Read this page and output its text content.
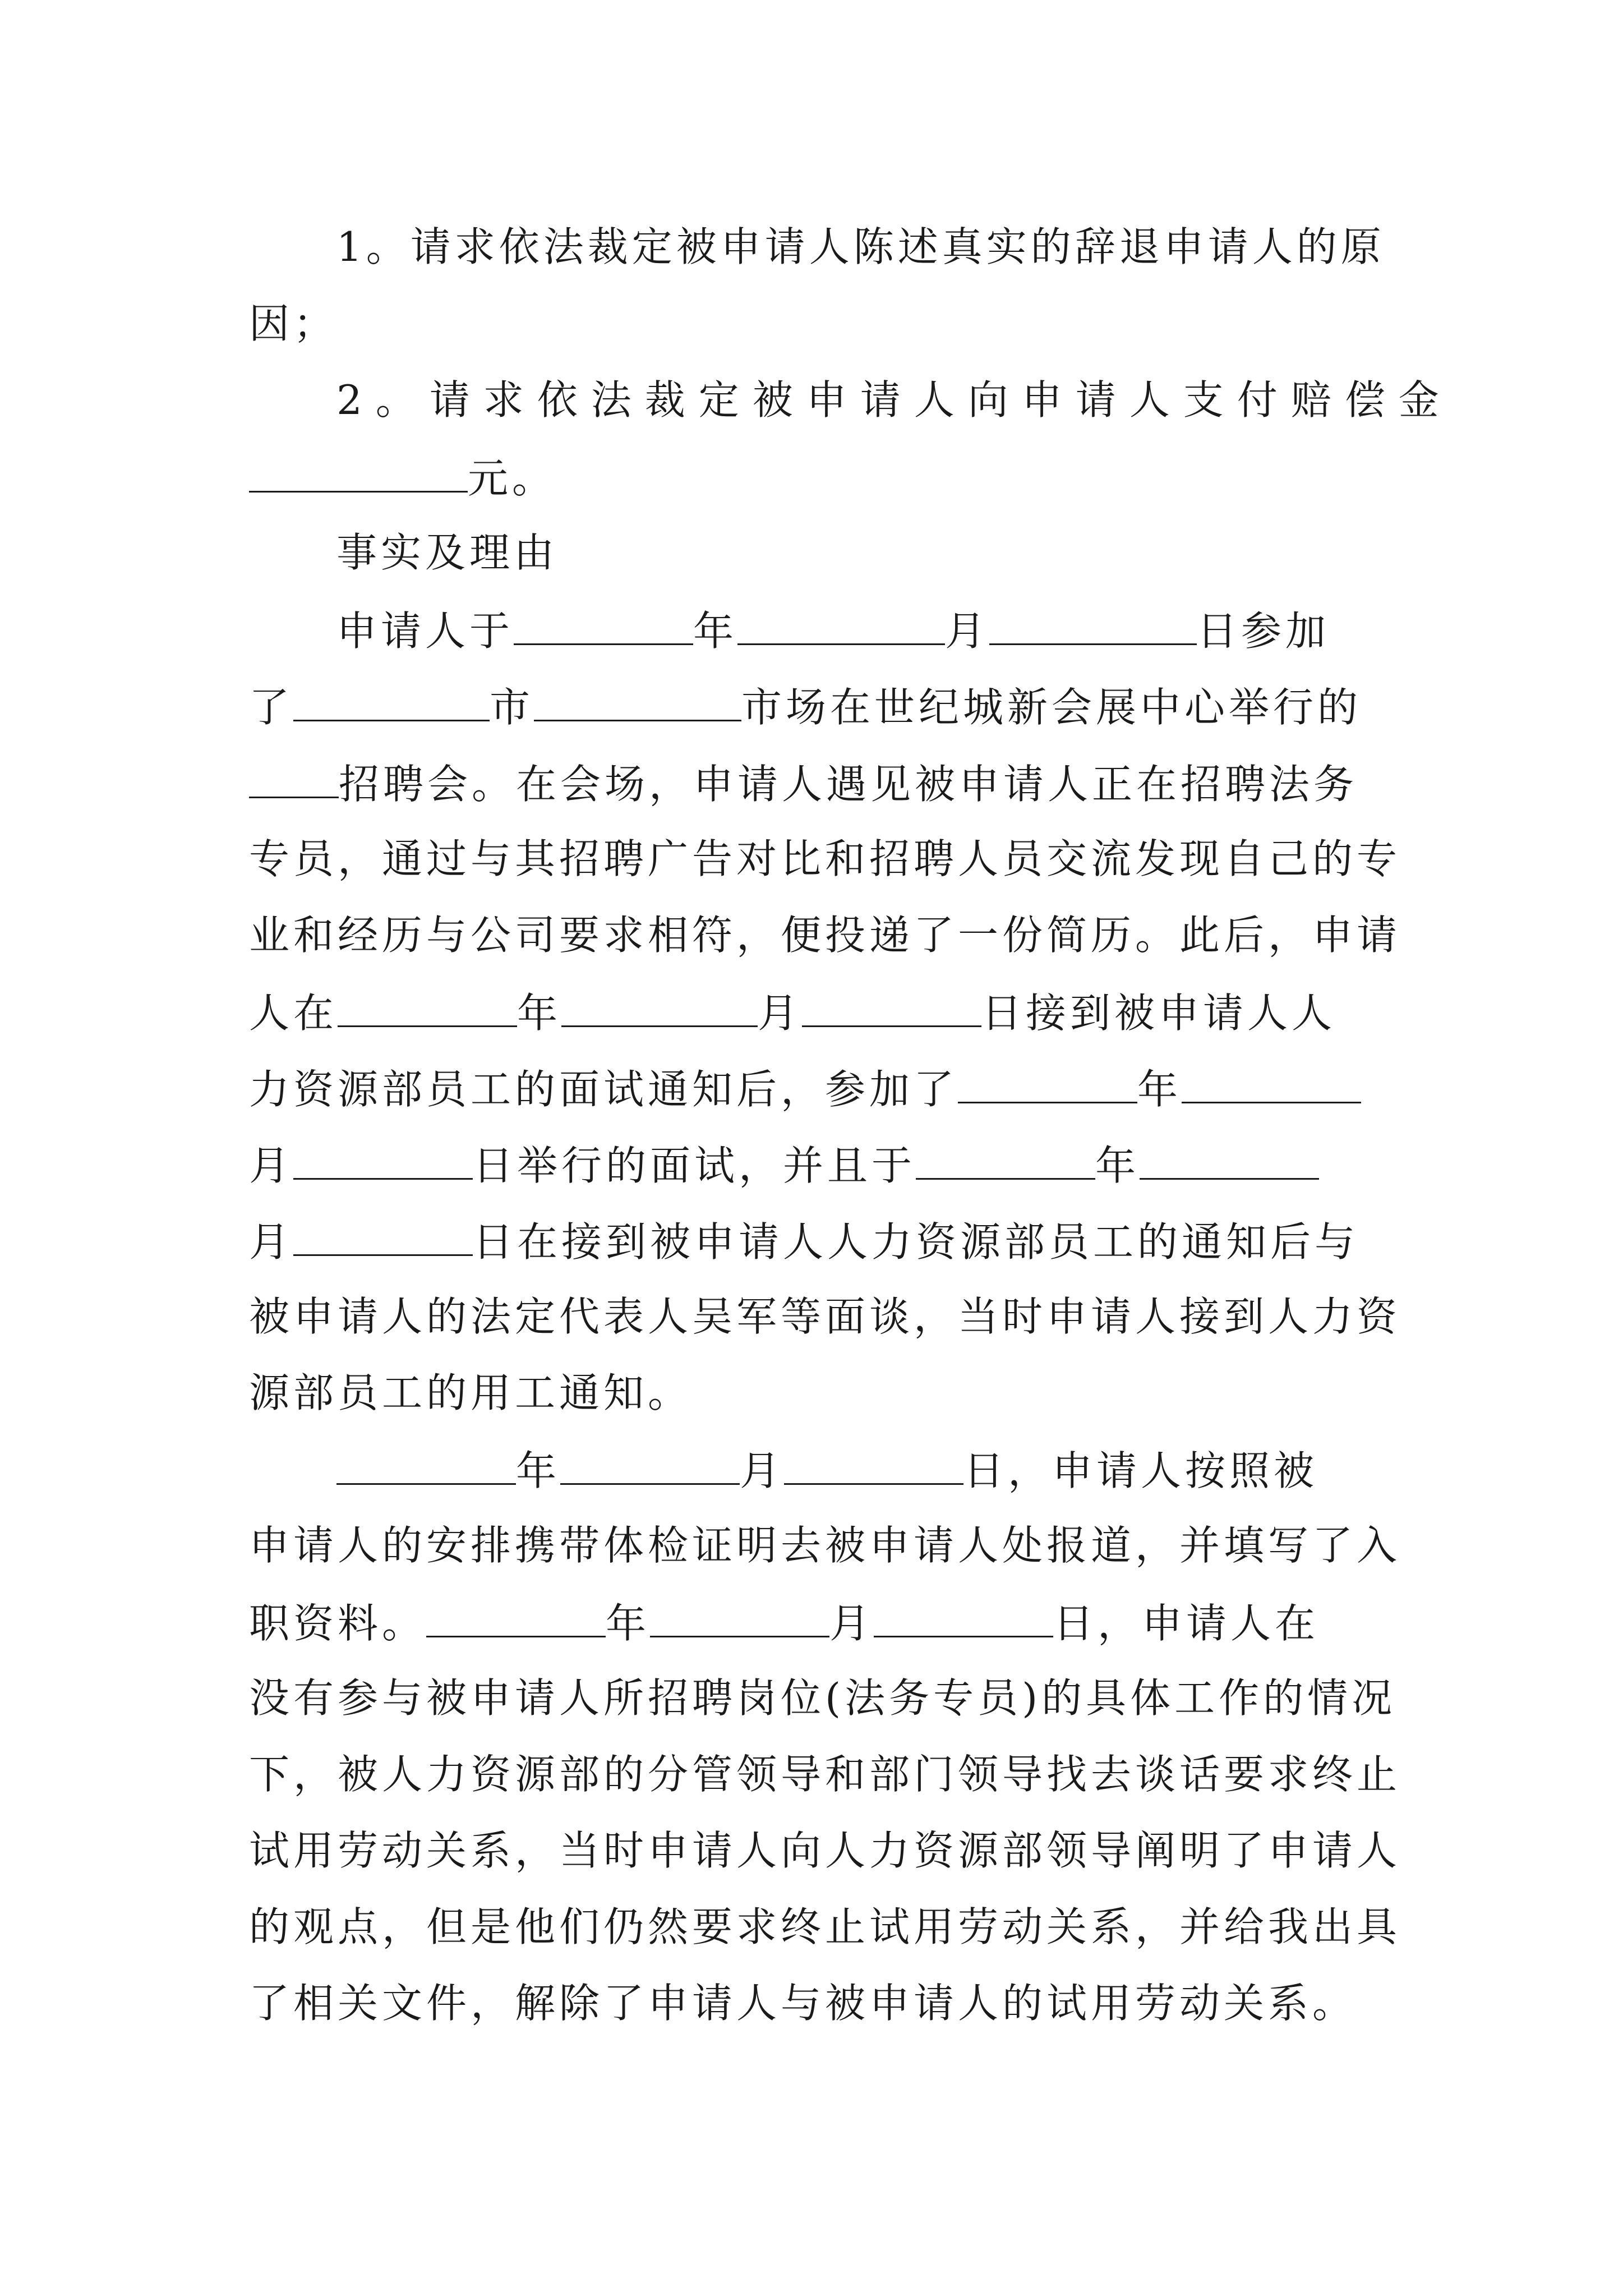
1。请求依法裁定被申请人陈述真实的辞退申请人的原
因；
2。请求依法裁定被申请人向申请人支付赔偿金
元。
事实及理由
申请人于	年	月	日参加
了	市	市场在世纪城新会展中心举行的
招聘会。在会场，申请人遇见被申请人正在招聘法务
专员，通过与其招聘广告对比和招聘人员交流发现自己的专
业和经历与公司要求相符，便投递了一份简历。此后，申请
人在	年	月	日接到被申请人人
力资源部员工的面试通知后，参加了	年
月	日举行的面试，并且于	年
月	日在接到被申请人人力资源部员工的通知后与
被申请人的法定代表人吴军等面谈，当时申请人接到人力资
源部员工的用工通知。
年	月	日，申请人按照被
申请人的安排携带体检证明去被申请人处报道，并填写了入
职资料。	年	月	日，申请人在
没有参与被申请人所招聘岗位(法务专员)的具体工作的情况
下，被人力资源部的分管领导和部门领导找去谈话要求终止
试用劳动关系，当时申请人向人力资源部领导阐明了申请人
的观点，但是他们仍然要求终止试用劳动关系，并给我出具
了相关文件，解除了申请人与被申请人的试用劳动关系。
